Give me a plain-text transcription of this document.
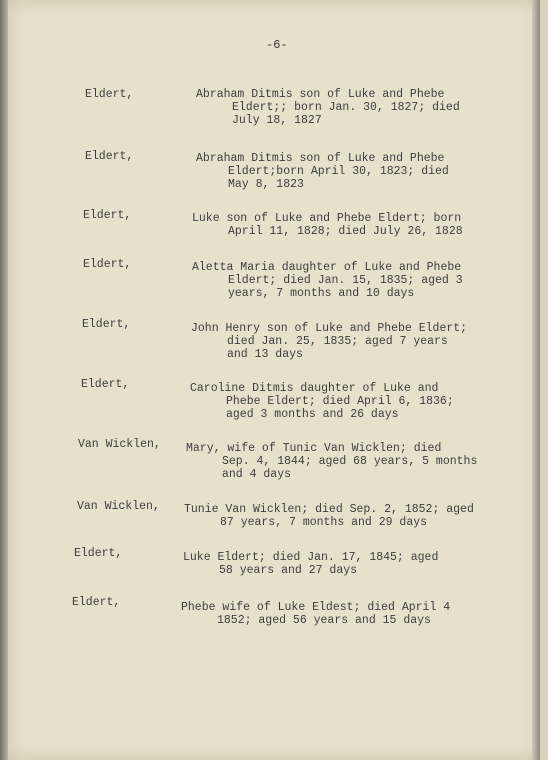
-6-
Eldert,	Abraham Ditmis son of Luke and Phebe
Eldert;; born Jan. 30, 1827; died
July 18, 1827
Eldert,	Abraham Ditmis son of Luke and Phebe
Eldert;born April 30, 1823; died
May 8, 1823
Eldert,	Luke son of Luke and Phebe Eldert; born
April 11, 1828; died July 26, 1828
Eldert,	Aletta Maria daughter of Luke and Phebe
Eldert; died Jan. 15, 1835; aged 3
years, 7 months and 10 days
Eldert,	John Henry son of Luke and Phebe Eldert;
died Jan. 25, 1835; aged 7 years
and 13 days
Eldert,	Caroline Ditmis daughter of Luke and
Phebe Eldert; died April 6, 1836;
aged 3 months and 26 days
Van Wicklen, Mary, wife of Tunic Van Wicklen; died
Sep. 4, 1844; aged 68 years, 5 months
and 4 days
Van Wicklen, Tunie Van Wicklen; died Sep. 2, 1852; aged
87 years, 7 months and 29 days
Eldert,	Luke Eldert; died Jan. 17, 1845; aged
58 years and 27 days
Eldert,	Phebe wife of Luke Eldest; died April 4
1852; aged 56 years and 15 days
